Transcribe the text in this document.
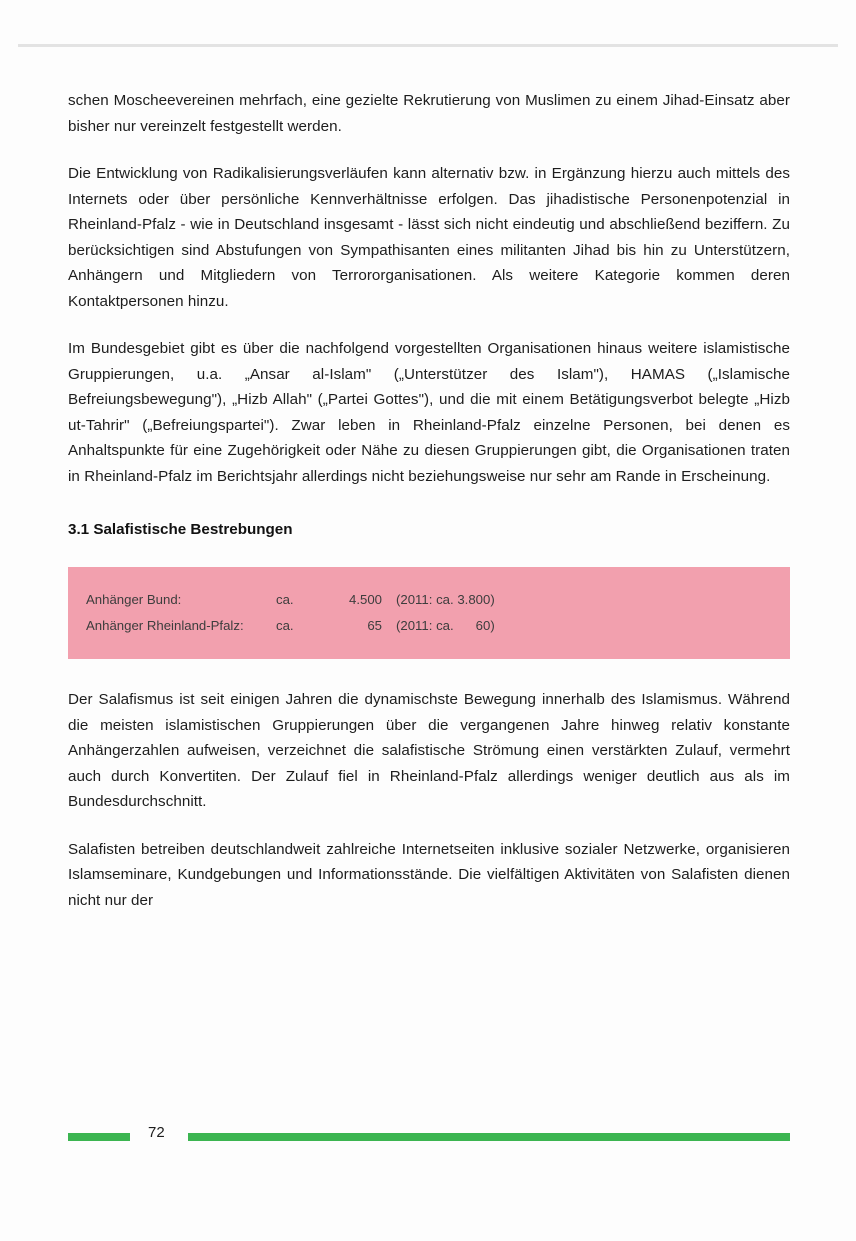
schen Moscheevereinen mehrfach, eine gezielte Rekrutierung von Muslimen zu einem Jihad-Einsatz aber bisher nur vereinzelt festgestellt werden.

Die Entwicklung von Radikalisierungsverläufen kann alternativ bzw. in Ergänzung hierzu auch mittels des Internets oder über persönliche Kennverhältnisse erfolgen. Das jihadistische Personenpotenzial in Rheinland-Pfalz - wie in Deutschland insgesamt - lässt sich nicht eindeutig und abschließend beziffern. Zu berücksichtigen sind Abstufungen von Sympathisanten eines militanten Jihad bis hin zu Unterstützern, Anhängern und Mitgliedern von Terrororganisationen. Als weitere Kategorie kommen deren Kontaktpersonen hinzu.

Im Bundesgebiet gibt es über die nachfolgend vorgestellten Organisationen hinaus weitere islamistische Gruppierungen, u.a. „Ansar al-Islam" („Unterstützer des Islam"), HAMAS („Islamische Befreiungsbewegung"), „Hizb Allah" („Partei Gottes"), und die mit einem Betätigungsverbot belegte „Hizb ut-Tahrir" („Befreiungspartei"). Zwar leben in Rheinland-Pfalz einzelne Personen, bei denen es Anhaltspunkte für eine Zugehörigkeit oder Nähe zu diesen Gruppierungen gibt, die Organisationen traten in Rheinland-Pfalz im Berichtsjahr allerdings nicht beziehungsweise nur sehr am Rande in Erscheinung.

3.1 Salafistische Bestrebungen
Anhänger Bund:	ca.	4.500	(2011: ca. 3.800)
Anhänger Rheinland-Pfalz:	ca.	65	(2011: ca.      60)

Der Salafismus ist seit einigen Jahren die dynamischste Bewegung innerhalb des Islamismus. Während die meisten islamistischen Gruppierungen über die vergangenen Jahre hinweg relativ konstante Anhängerzahlen aufweisen, verzeichnet die salafistische Strömung einen verstärkten Zulauf, vermehrt auch durch Konvertiten. Der Zulauf fiel in Rheinland-Pfalz allerdings weniger deutlich aus als im Bundesdurchschnitt.

Salafisten betreiben deutschlandweit zahlreiche Internetseiten inklusive sozialer Netzwerke, organisieren Islamseminare, Kundgebungen und Informationsstände. Die vielfältigen Aktivitäten von Salafisten dienen nicht nur der

72
